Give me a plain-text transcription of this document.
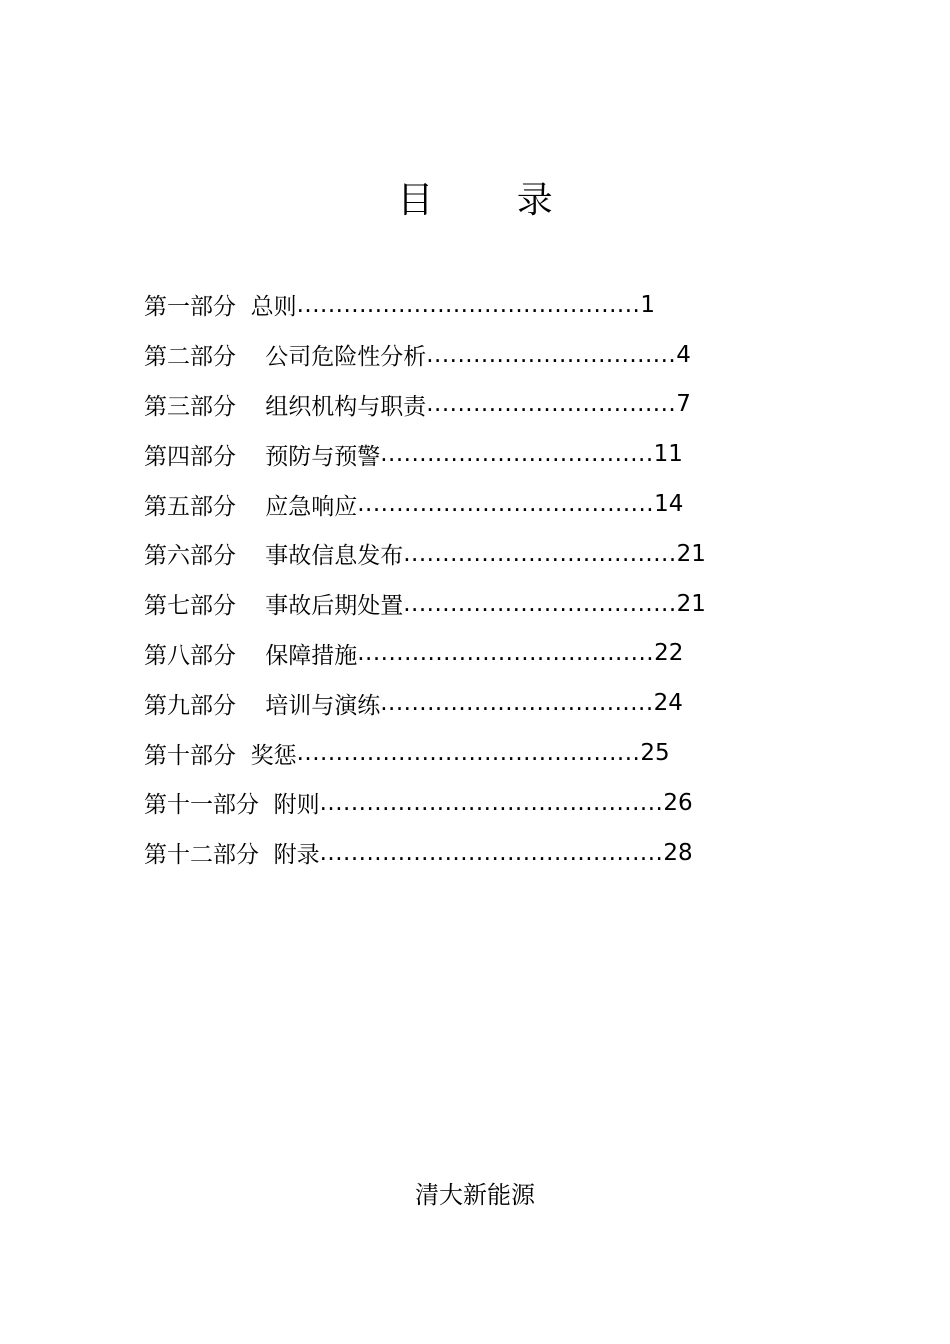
目 录
第一部分
总则 ............................................ 1
第二部分
公司危险性分析 ................................ 4
第三部分
组织机构与职责 ................................ 7
第四部分
预防与预警 ................................... 11
第五部分
应急响应 ...................................... 14
第六部分
事故信息发布 ................................... 21
第七部分
事故后期处置 ................................... 21
第八部分
保障措施 ...................................... 22
第九部分
培训与演练 ................................... 24
第十部分
奖惩 ............................................ 25
第十一部分
附则 ............................................ 26
第十二部分
附录 ............................................ 28
清大新能源
